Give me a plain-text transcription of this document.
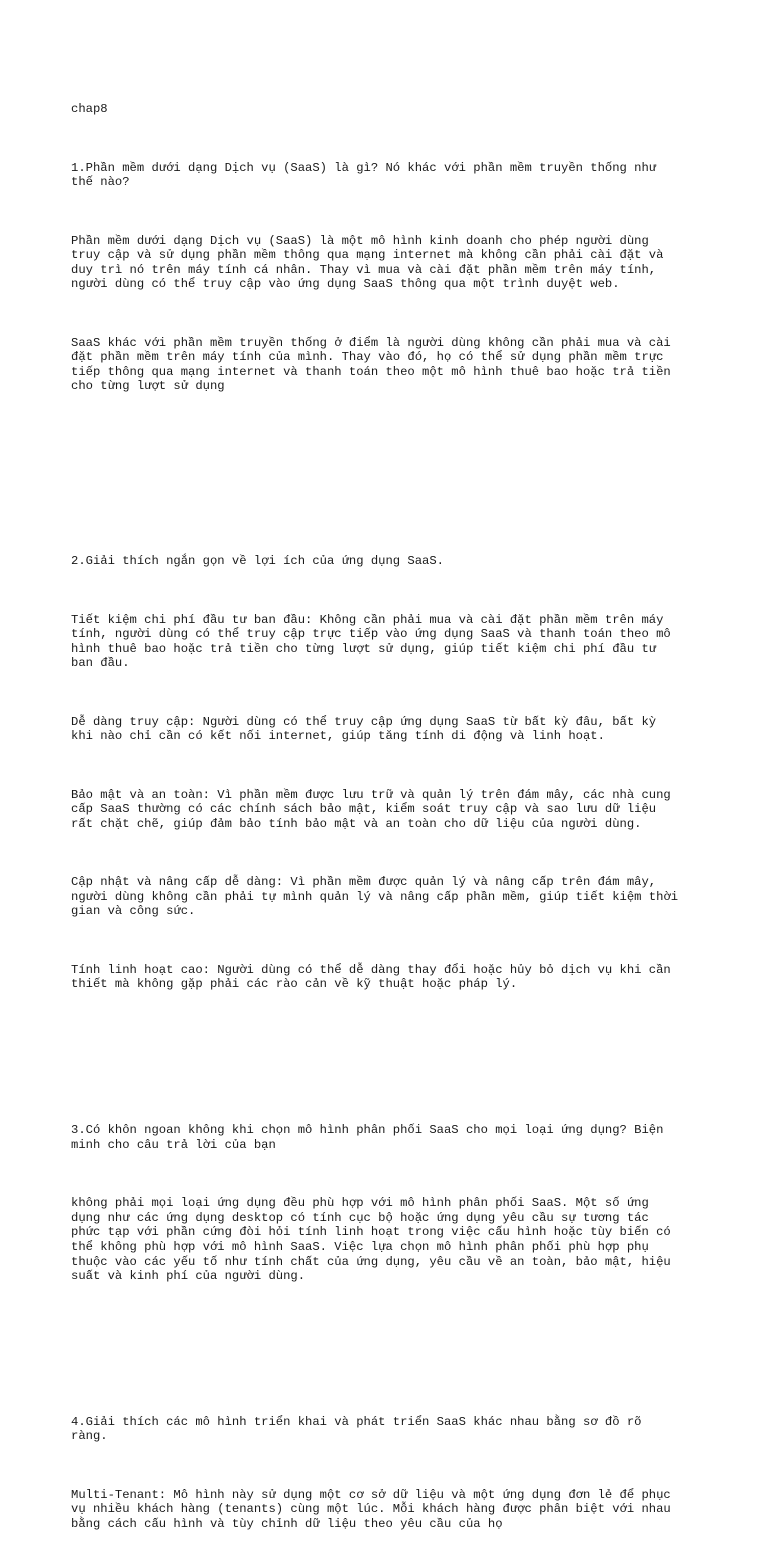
chap8

1.Phần mềm dưới dạng Dịch vụ (SaaS) là gì? Nó khác với phần mềm truyền thống như
thế nào?

Phần mềm dưới dạng Dịch vụ (SaaS) là một mô hình kinh doanh cho phép người dùng
truy cập và sử dụng phần mềm thông qua mạng internet mà không cần phải cài đặt và
duy trì nó trên máy tính cá nhân. Thay vì mua và cài đặt phần mềm trên máy tính,
người dùng có thể truy cập vào ứng dụng SaaS thông qua một trình duyệt web.

SaaS khác với phần mềm truyền thống ở điểm là người dùng không cần phải mua và cài
đặt phần mềm trên máy tính của mình. Thay vào đó, họ có thể sử dụng phần mềm trực
tiếp thông qua mạng internet và thanh toán theo một mô hình thuê bao hoặc trả tiền
cho từng lượt sử dụng

2.Giải thích ngắn gọn về lợi ích của ứng dụng SaaS.

Tiết kiệm chi phí đầu tư ban đầu: Không cần phải mua và cài đặt phần mềm trên máy
tính, người dùng có thể truy cập trực tiếp vào ứng dụng SaaS và thanh toán theo mô
hình thuê bao hoặc trả tiền cho từng lượt sử dụng, giúp tiết kiệm chi phí đầu tư
ban đầu.

Dễ dàng truy cập: Người dùng có thể truy cập ứng dụng SaaS từ bất kỳ đâu, bất kỳ
khi nào chỉ cần có kết nối internet, giúp tăng tính di động và linh hoạt.

Bảo mật và an toàn: Vì phần mềm được lưu trữ và quản lý trên đám mây, các nhà cung
cấp SaaS thường có các chính sách bảo mật, kiểm soát truy cập và sao lưu dữ liệu
rất chặt chẽ, giúp đảm bảo tính bảo mật và an toàn cho dữ liệu của người dùng.

Cập nhật và nâng cấp dễ dàng: Vì phần mềm được quản lý và nâng cấp trên đám mây,
người dùng không cần phải tự mình quản lý và nâng cấp phần mềm, giúp tiết kiệm thời
gian và công sức.

Tính linh hoạt cao: Người dùng có thể dễ dàng thay đổi hoặc hủy bỏ dịch vụ khi cần
thiết mà không gặp phải các rào cản về kỹ thuật hoặc pháp lý.

3.Có khôn ngoan không khi chọn mô hình phân phối SaaS cho mọi loại ứng dụng? Biện
minh cho câu trả lời của bạn

không phải mọi loại ứng dụng đều phù hợp với mô hình phân phối SaaS. Một số ứng
dụng như các ứng dụng desktop có tính cục bộ hoặc ứng dụng yêu cầu sự tương tác
phức tạp với phần cứng đòi hỏi tính linh hoạt trong việc cấu hình hoặc tùy biến có
thể không phù hợp với mô hình SaaS. Việc lựa chọn mô hình phân phối phù hợp phụ
thuộc vào các yếu tố như tính chất của ứng dụng, yêu cầu về an toàn, bảo mật, hiệu
suất và kinh phí của người dùng.

4.Giải thích các mô hình triển khai và phát triển SaaS khác nhau bằng sơ đồ rõ
ràng.

Multi-Tenant: Mô hình này sử dụng một cơ sở dữ liệu và một ứng dụng đơn lẻ để phục
vụ nhiều khách hàng (tenants) cùng một lúc. Mỗi khách hàng được phân biệt với nhau
bằng cách cấu hình và tùy chỉnh dữ liệu theo yêu cầu của họ
